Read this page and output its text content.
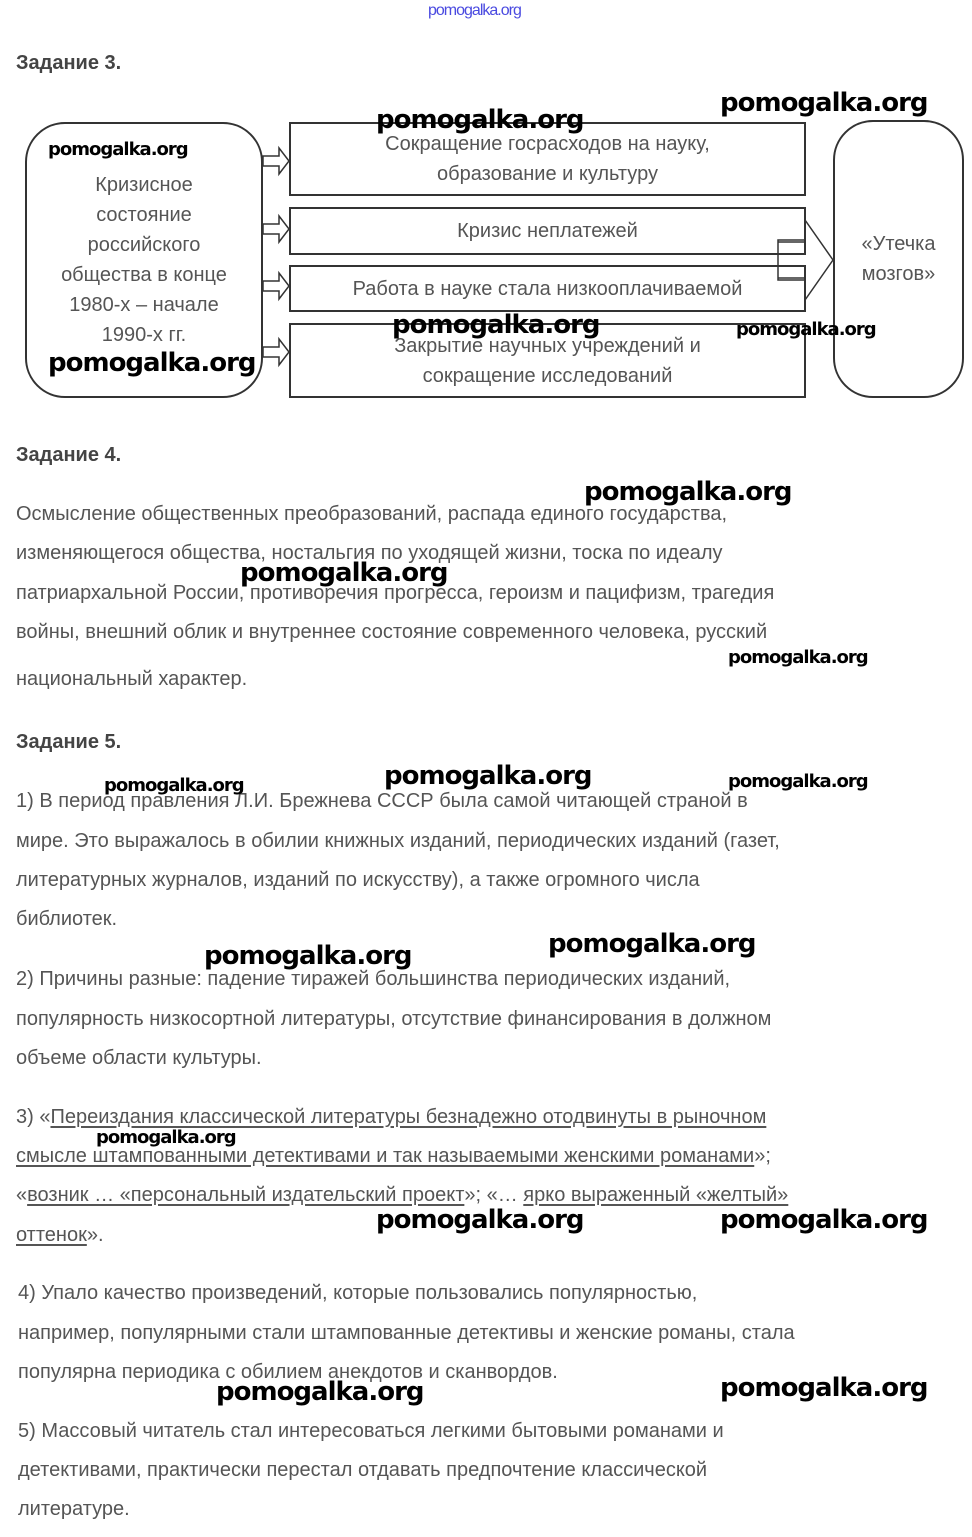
pomogalka.org
Задание 3.
Кризисное состояние российского общества в конце 1980-х – начале 1990-х гг.
Сокращение госрасходов на науку, образование и культуру
Кризис неплатежей
Работа в науке стала низкооплачиваемой
Закрытие научных учреждений и сокращение исследований
«Утечка мозгов»
Задание 4.
Осмысление общественных преобразований, распада единого государства,
изменяющегося общества, ностальгия по уходящей жизни, тоска по идеалу
патриархальной России, противоречия прогресса, героизм и пацифизм, трагедия
войны, внешний облик и внутреннее состояние современного человека, русский
национальный характер.
Задание 5.
1) В период правления Л.И. Брежнева СССР была самой читающей страной в
мире. Это выражалось в обилии книжных изданий, периодических изданий (газет,
литературных журналов, изданий по искусству), а также огромного числа
библиотек.
2) Причины разные: падение тиражей большинства периодических изданий,
популярность низкосортной литературы, отсутствие финансирования в должном
объеме области культуры.
3) «Переиздания классической литературы безнадежно отодвинуты в рыночном
смысле штампованными детективами и так называемыми женскими романами»;
«возник … «персональный издательский проект»; «… ярко выраженный «желтый»
оттенок».
4) Упало качество произведений, которые пользовались популярностью,
например, популярными стали штампованные детективы и женские романы, стала
популярна периодика с обилием анекдотов и сканвордов.
5) Массовый читатель стал интересоваться легкими бытовыми романами и
детективами, практически перестал отдавать предпочтение классической
литературе.
pomogalka.org
pomogalka.org
pomogalka.org
pomogalka.org
pomogalka.org	pomogalka.org
pomogalka.org
pomogalka.org
pomogalka.org
pomogalka.org	pomogalka.org	pomogalka.org
pomogalka.org	pomogalka.org
pomogalka.org
pomogalka.org	pomogalka.org
pomogalka.org	pomogalka.org
